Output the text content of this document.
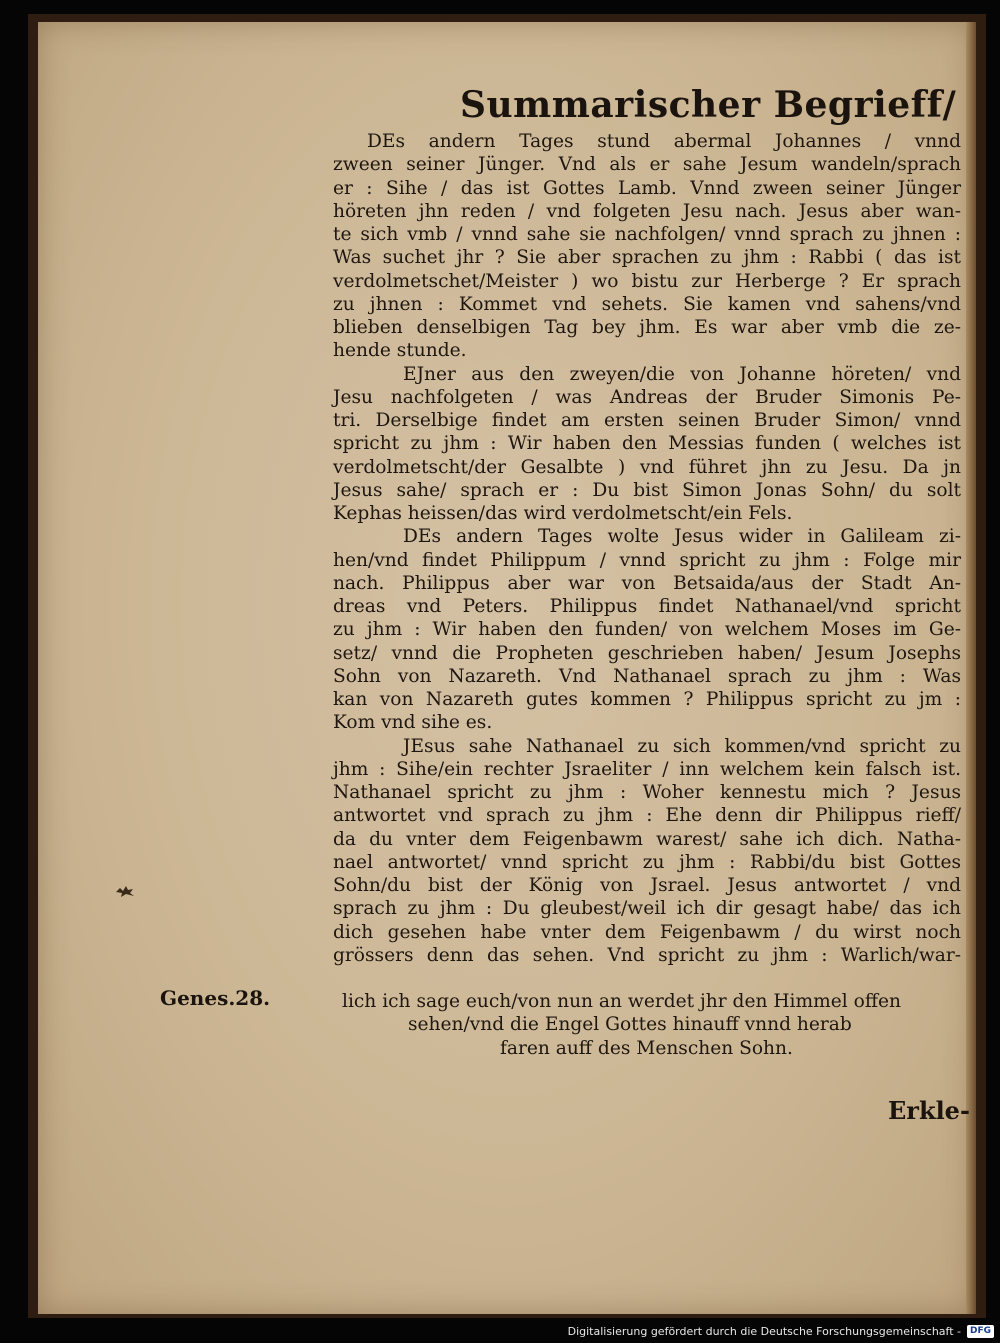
Summarischer Begrieff/
DEs andern Tages stund abermal Johannes / vnnd
zween seiner Jünger. Vnd als er sahe Jesum wandeln/sprach
er : Sihe / das ist Gottes Lamb. Vnnd zween seiner Jünger
höreten jhn reden / vnd folgeten Jesu nach. Jesus aber wan-
te sich vmb / vnnd sahe sie nachfolgen/ vnnd sprach zu jhnen :
Was suchet jhr ? Sie aber sprachen zu jhm : Rabbi ( das ist
verdolmetschet/Meister ) wo bistu zur Herberge ? Er sprach
zu jhnen : Kommet vnd sehets. Sie kamen vnd sahens/vnd
blieben denselbigen Tag bey jhm. Es war aber vmb die ze-
hende stunde.
EJner aus den zweyen/die von Johanne höreten/ vnd
Jesu nachfolgeten / was Andreas der Bruder Simonis Pe-
tri. Derselbige findet am ersten seinen Bruder Simon/ vnnd
spricht zu jhm : Wir haben den Messias funden ( welches ist
verdolmetscht/der Gesalbte ) vnd führet jhn zu Jesu. Da jn
Jesus sahe/ sprach er : Du bist Simon Jonas Sohn/ du solt
Kephas heissen/das wird verdolmetscht/ein Fels.
DEs andern Tages wolte Jesus wider in Galileam zi-
hen/vnd findet Philippum / vnnd spricht zu jhm : Folge mir
nach. Philippus aber war von Betsaida/aus der Stadt An-
dreas vnd Peters. Philippus findet Nathanael/vnd spricht
zu jhm : Wir haben den funden/ von welchem Moses im Ge-
setz/ vnnd die Propheten geschrieben haben/ Jesum Josephs
Sohn von Nazareth. Vnd Nathanael sprach zu jhm : Was
kan von Nazareth gutes kommen ? Philippus spricht zu jm :
Kom vnd sihe es.
JEsus sahe Nathanael zu sich kommen/vnd spricht zu
jhm : Sihe/ein rechter Jsraeliter / inn welchem kein falsch ist.
Nathanael spricht zu jhm : Woher kennestu mich ? Jesus
antwortet vnd sprach zu jhm : Ehe denn dir Philippus rieff/
da du vnter dem Feigenbawm warest/ sahe ich dich. Natha-
nael antwortet/ vnnd spricht zu jhm : Rabbi/du bist Gottes
Sohn/du bist der König von Jsrael. Jesus antwortet / vnd
sprach zu jhm : Du gleubest/weil ich dir gesagt habe/ das ich
dich gesehen habe vnter dem Feigenbawm / du wirst noch
grössers denn das sehen. Vnd spricht zu jhm : Warlich/war-
lich ich sage euch/von nun an werdet jhr den Himmel offen
sehen/vnd die Engel Gottes hinauff vnnd herab
faren auff des Menschen Sohn.
Genes.28.
Erkle-
Digitalisierung gefördert durch die Deutsche Forschungsgemeinschaft -	DFG
